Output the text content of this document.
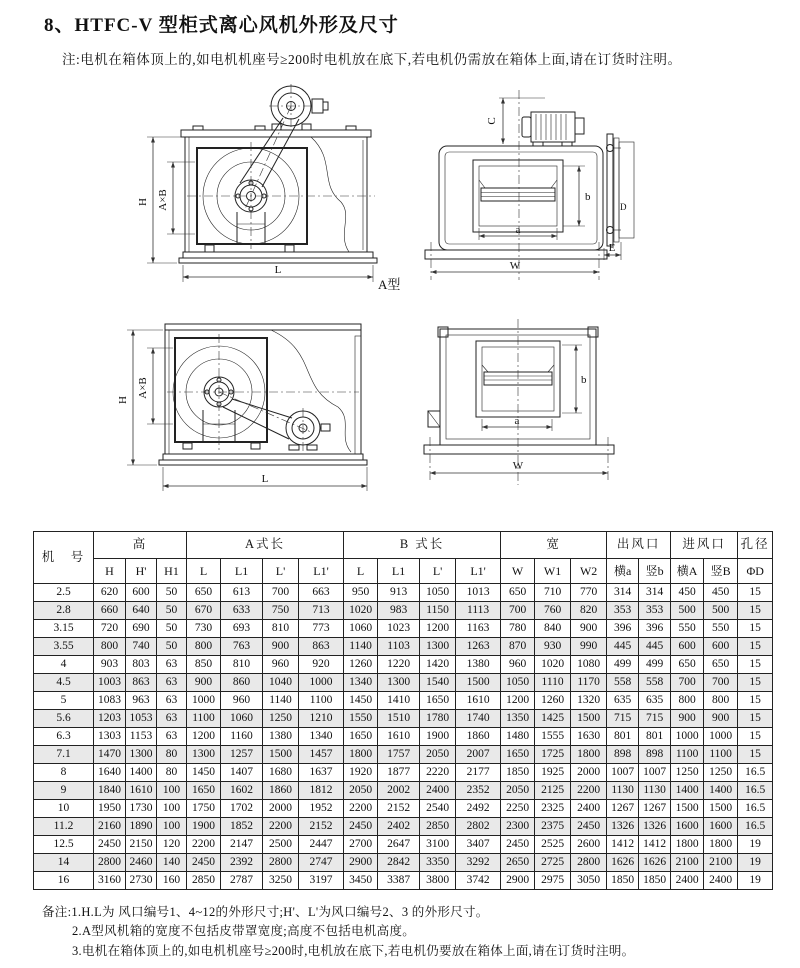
8、HTFC-V 型柜式离心风机外形及尺寸
注:电机在箱体顶上的,如电机机座号≥200时电机放在底下,若电机仍需放在箱体上面,请在订货时注明。
H A×B
L
C
b
a
W
E
D
A型
H
A×B
L
b
a
W
机　号	高			A式长				B 式长				宽			出风口		进风口		孔径
	H	H'	H1	L	L1	L'	L1'	L	L1	L'	L1'	W	W1	W2	横a	竖b	横A	竖B	ΦD
2.5	620	600	50	650	613	700	663	950	913	1050	1013	650	710	770	314	314	450	450	15
2.8	660	640	50	670	633	750	713	1020	983	1150	1113	700	760	820	353	353	500	500	15
3.15	720	690	50	730	693	810	773	1060	1023	1200	1163	780	840	900	396	396	550	550	15
3.55	800	740	50	800	763	900	863	1140	1103	1300	1263	870	930	990	445	445	600	600	15
4	903	803	63	850	810	960	920	1260	1220	1420	1380	960	1020	1080	499	499	650	650	15
4.5	1003	863	63	900	860	1040	1000	1340	1300	1540	1500	1050	1110	1170	558	558	700	700	15
5	1083	963	63	1000	960	1140	1100	1450	1410	1650	1610	1200	1260	1320	635	635	800	800	15
5.6	1203	1053	63	1100	1060	1250	1210	1550	1510	1780	1740	1350	1425	1500	715	715	900	900	15
6.3	1303	1153	63	1200	1160	1380	1340	1650	1610	1900	1860	1480	1555	1630	801	801	1000	1000	15
7.1	1470	1300	80	1300	1257	1500	1457	1800	1757	2050	2007	1650	1725	1800	898	898	1100	1100	15
8	1640	1400	80	1450	1407	1680	1637	1920	1877	2220	2177	1850	1925	2000	1007	1007	1250	1250	16.5
9	1840	1610	100	1650	1602	1860	1812	2050	2002	2400	2352	2050	2125	2200	1130	1130	1400	1400	16.5
10	1950	1730	100	1750	1702	2000	1952	2200	2152	2540	2492	2250	2325	2400	1267	1267	1500	1500	16.5
11.2	2160	1890	100	1900	1852	2200	2152	2450	2402	2850	2802	2300	2375	2450	1326	1326	1600	1600	16.5
12.5	2450	2150	120	2200	2147	2500	2447	2700	2647	3100	3407	2450	2525	2600	1412	1412	1800	1800	19
14	2800	2460	140	2450	2392	2800	2747	2900	2842	3350	3292	2650	2725	2800	1626	1626	2100	2100	19
16	3160	2730	160	2850	2787	3250	3197	3450	3387	3800	3742	2900	2975	3050	1850	1850	2400	2400	19
备注:1.H.L为 风口编号1、4~12的外形尺寸;H'、L'为风口编号2、3 的外形尺寸。
2.A型风机箱的宽度不包括皮带罩宽度;高度不包括电机高度。
3.电机在箱体顶上的,如电机机座号≥200时,电机放在底下,若电机仍要放在箱体上面,请在订货时注明。
